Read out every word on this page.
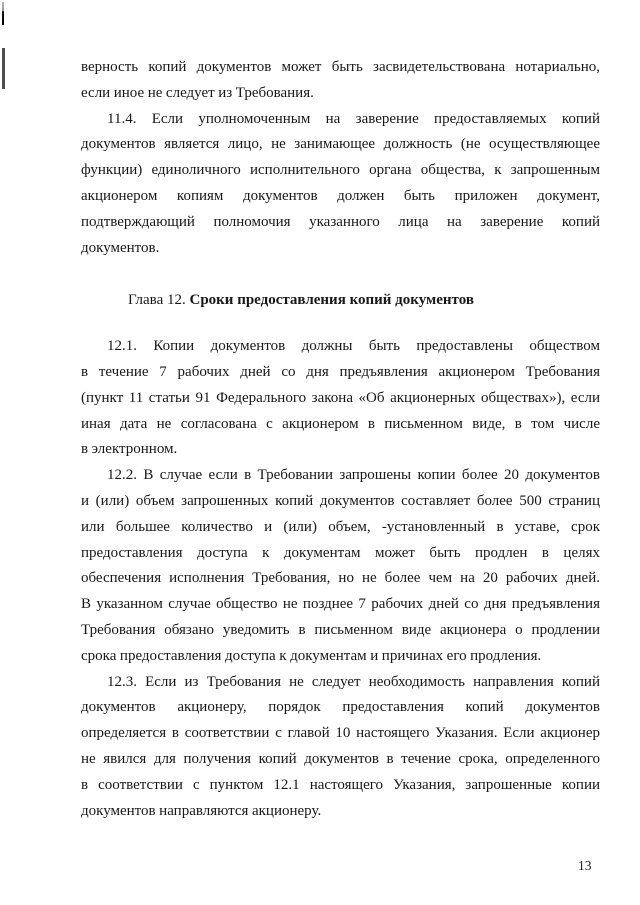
верность копий документов может быть засвидетельствована нотариально,
если иное не следует из Требования.
11.4. Если уполномоченным на заверение предоставляемых копий
документов является лицо, не занимающее должность (не осуществляющее
функции) единоличного исполнительного органа общества, к запрошенным
акционером копиям документов должен быть приложен документ,
подтверждающий полномочия указанного лица на заверение копий
документов.
Глава 12. Сроки предоставления копий документов
12.1. Копии документов должны быть предоставлены обществом
в течение 7 рабочих дней со дня предъявления акционером Требования
(пункт 11 статьи 91 Федерального закона «Об акционерных обществах»), если
иная дата не согласована с акционером в письменном виде, в том числе
в электронном.
12.2. В случае если в Требовании запрошены копии более 20 документов
и (или) объем запрошенных копий документов составляет более 500 страниц
или большее количество и (или) объем, -установленный в уставе, срок
предоставления доступа к документам может быть продлен в целях
обеспечения исполнения Требования, но не более чем на 20 рабочих дней.
В указанном случае общество не позднее 7 рабочих дней со дня предъявления
Требования обязано уведомить в письменном виде акционера о продлении
срока предоставления доступа к документам и причинах его продления.
12.3. Если из Требования не следует необходимость направления копий
документов акционеру, порядок предоставления копий документов
определяется в соответствии с главой 10 настоящего Указания. Если акционер
не явился для получения копий документов в течение срока, определенного
в соответствии с пунктом 12.1 настоящего Указания, запрошенные копии
документов направляются акционеру.
13
